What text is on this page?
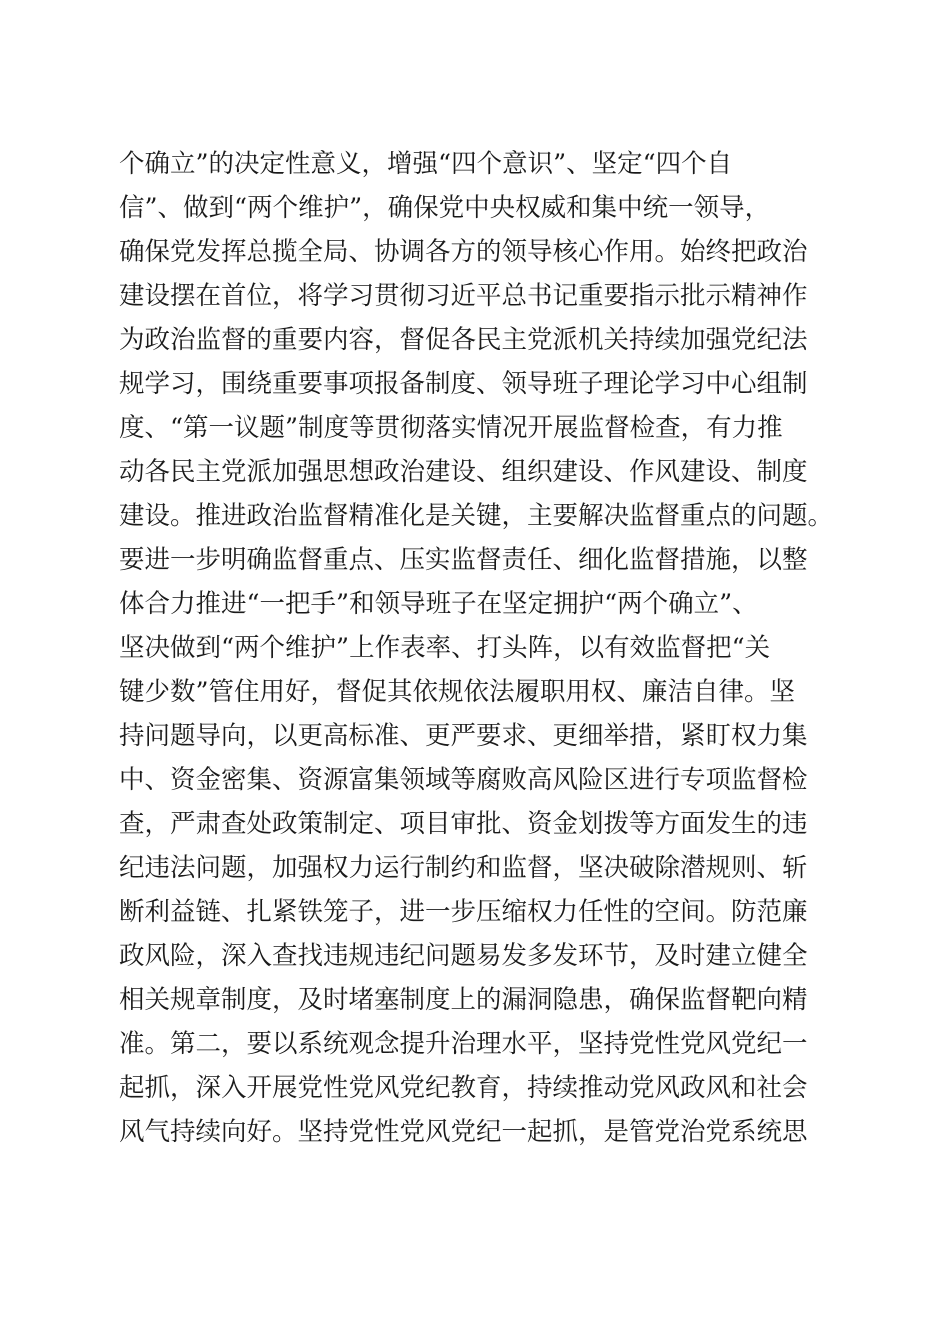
个确立”的决定性意义，增强“四个意识”、坚定“四个自
信”、做到“两个维护”，确保党中央权威和集中统一领导，
确保党发挥总揽全局、协调各方的领导核心作用。始终把政治
建设摆在首位，将学习贯彻习近平总书记重要指示批示精神作
为政治监督的重要内容，督促各民主党派机关持续加强党纪法
规学习，围绕重要事项报备制度、领导班子理论学习中心组制
度、“第一议题”制度等贯彻落实情况开展监督检查，有力推
动各民主党派加强思想政治建设、组织建设、作风建设、制度
建设。推进政治监督精准化是关键，主要解决监督重点的问题。
要进一步明确监督重点、压实监督责任、细化监督措施，以整
体合力推进“一把手”和领导班子在坚定拥护“两个确立”、
坚决做到“两个维护”上作表率、打头阵，以有效监督把“关
键少数”管住用好，督促其依规依法履职用权、廉洁自律。坚
持问题导向，以更高标准、更严要求、更细举措，紧盯权力集
中、资金密集、资源富集领域等腐败高风险区进行专项监督检
查，严肃查处政策制定、项目审批、资金划拨等方面发生的违
纪违法问题，加强权力运行制约和监督，坚决破除潜规则、斩
断利益链、扎紧铁笼子，进一步压缩权力任性的空间。防范廉
政风险，深入查找违规违纪问题易发多发环节，及时建立健全
相关规章制度，及时堵塞制度上的漏洞隐患，确保监督靶向精
准。第二，要以系统观念提升治理水平，坚持党性党风党纪一
起抓，深入开展党性党风党纪教育，持续推动党风政风和社会
风气持续向好。坚持党性党风党纪一起抓，是管党治党系统思
